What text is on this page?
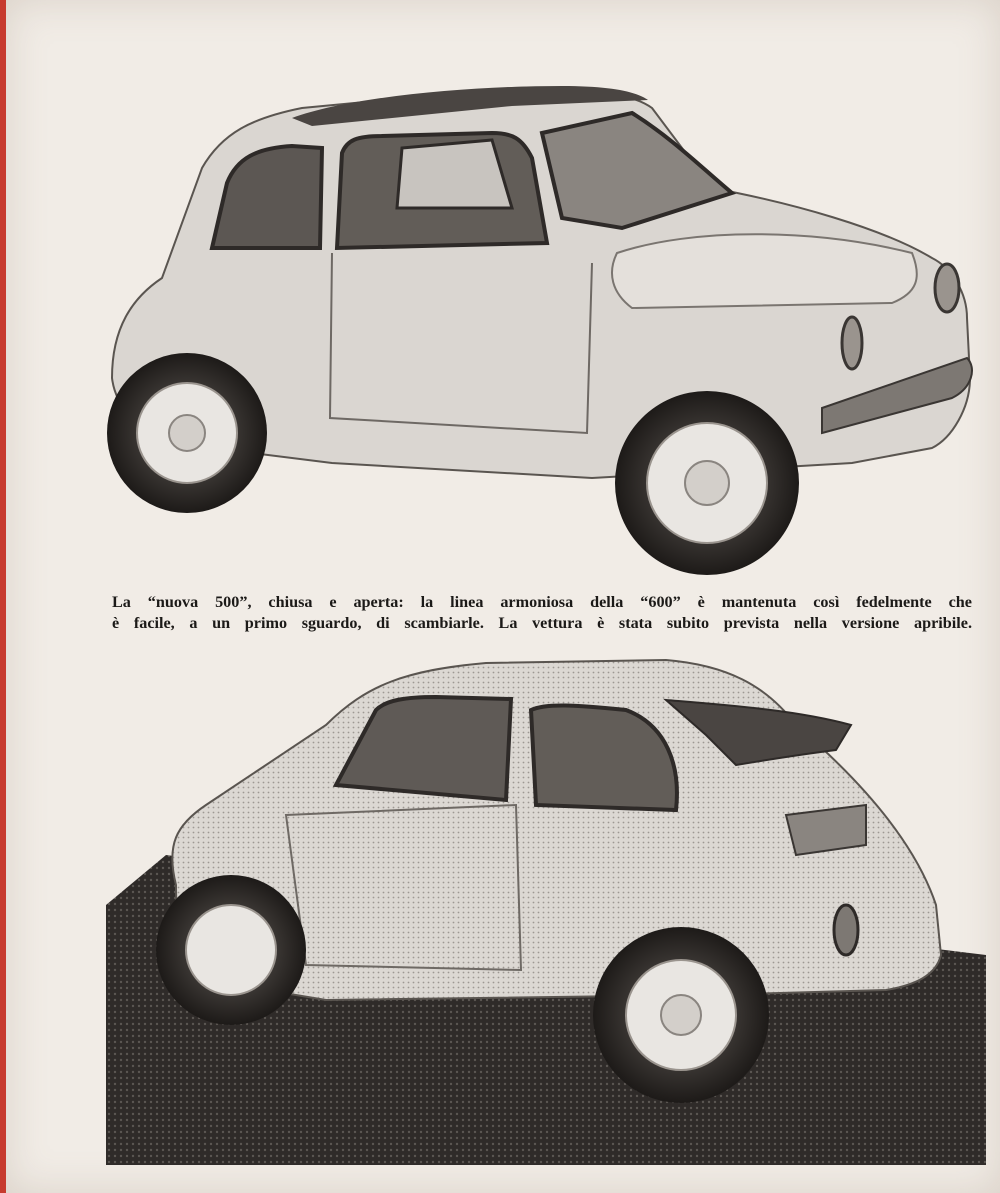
La “nuova 500”, chiusa e aperta: la linea armoniosa della “600” è mantenuta così fedelmente che
è facile, a un primo sguardo, di scambiarle. La vettura è stata subito prevista nella versione apribile.
